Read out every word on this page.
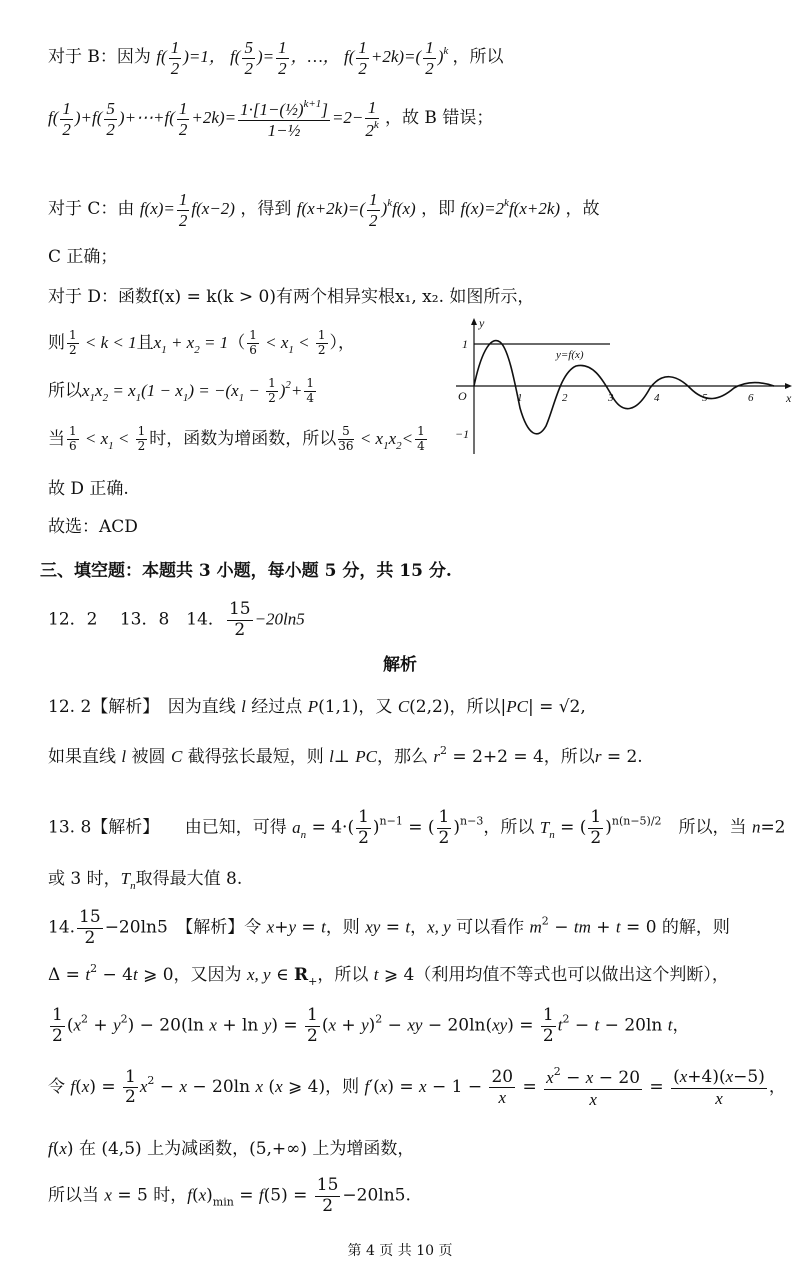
对于 B：因为 $f( \frac{1}{2} )=1$， $f( \frac{5}{2}$ )= $\frac{1}{2}$ ，…， $f( \frac{1}{2} +2k)=( \frac{1}{2} )^k$ ，所以
$f( \frac{1}{2} )+f( \frac{5}{2}$ )+⋯+f( $\frac{1}{2} +2k)= \frac{1\cdot[1-(\frac{1}{2})^{k+1}]}{\text{1−½}} =2- \frac{1}{2^k}$ ，故 B 错误；
对于 C：由 $f(x)= \frac{1}{2} f(x-2)$ ，得到 $f(x+2k)=( \frac{1}{2} )^kf(x)$ ，即 $f(x)=2^kf(x+2k)$ ，故
C 正确；
对于 D：函数f(x) = k(k > 0)有两个相异实根x₁, x₂. 如图所示，
则 $\frac{1}{2} < k < 1$且$x_1 + x_2 = 1( \frac{1}{6} < x_1 < \frac{1}{2}$ ），
所以$x_1x_2 = x_1(1 - x_1) = -(x_1 - \frac{1}{2} )^2+ \frac{1}{4}$
当 $\frac{1}{6} < x_1 < \frac{1}{2}$ 时，函数为增函数，所以 $\frac{5}{36} < x_1x_2< \frac{1}{4}$
故 D 正确.
故选：ACD
y
x
O
1
−1
y=f(x)
1	2	3	4	5	6
三、填空题：本题共 3 小题，每小题 5 分，共 15 分.
12．2　 13．8　14． $\frac{15}{2} -20\ln 5$
解析
12. 2【解析】　因为直线 l 经过点 P(1,1)，又 C(2,2)，所以|PC| = √2,
如果直线 l 被圆 C 截得弦长最短，则 l⊥ PC，那么 $r^2 = 2+2 = 4$，所以r = 2.
13. 8【解析】　　由已知，可得 $a_n = 4\cdot( \frac{1}{2} )^{n-1}$ = ( $\frac{1}{2} )^{n-3}$，所以 $T_n$ = ( $\frac{1}{2} )^{n(n-5)/2}$　所以，当 n=2
或 3 时，$T_n$取得最大值 8.
14. $\frac{15}{2} -20\ln 5$　【解析】令 x+y = t，则 xy = t，x, y 可以看作 $m^2$ − tm + t = 0 的解，则
$\Delta = t^2 - 4t$ ⩾ 0，又因为 x, y ∈ $R_+$，所以 t ⩾ 4（利用均值不等式也可以做出这个判断），
$\frac{1}{2} (x^2 + y^2) - 20(\ln$ $x + \ln y) = \frac{1}{2} (x + y)^2$ − xy − $20\ln(xy) = \frac{1}{2} t^2 - t - 20\ln$ t，
令 $f(x) = \frac{1}{2} x^2 - x - 20\ln$ x (x ⩾ 4)，则 $f'(x) = x - 1 - \frac{20}{x} = \frac{x^2 - x - 20}{x} = \frac{(x+4)(x-5)}{x}$ ，
f(x) 在 (4,5) 上为减函数，(5,+∞) 上为增函数，
所以当 x = 5 时，$f(x)_{min} = f(5) = \frac{15}{2} -20\ln 5$.
第 4 页 共 10 页
